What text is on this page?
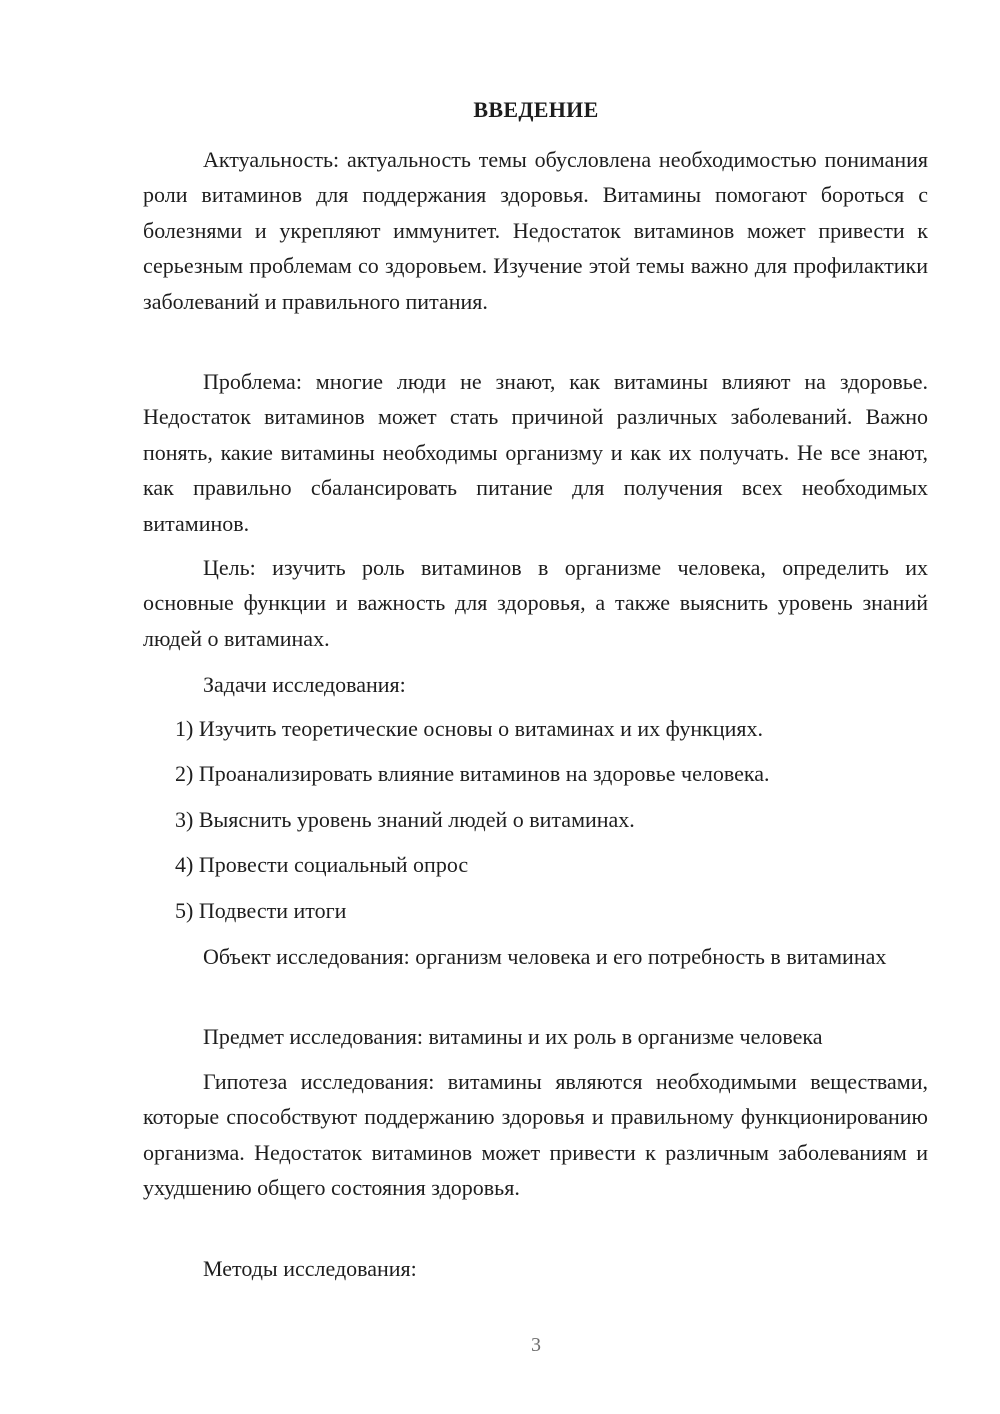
ВВЕДЕНИЕ

Актуальность: актуальность темы обусловлена необходимостью понимания роли витаминов для поддержания здоровья. Витамины помогают бороться с болезнями и укрепляют иммунитет. Недостаток витаминов может привести к серьезным проблемам со здоровьем. Изучение этой темы важно для профилактики заболеваний и правильного питания.

Проблема: многие люди не знают, как витамины влияют на здоровье. Недостаток витаминов может стать причиной различных заболеваний. Важно понять, какие витамины необходимы организму и как их получать. Не все знают, как правильно сбалансировать питание для получения всех необходимых витаминов.

Цель: изучить роль витаминов в организме человека, определить их основные функции и важность для здоровья, а также выяснить уровень знаний людей о витаминах.

Задачи исследования:

1) Изучить теоретические основы о витаминах и их функциях.
2) Проанализировать влияние витаминов на здоровье человека.
3) Выяснить уровень знаний людей о витаминах.
4) Провести социальный опрос
5) Подвести итоги

Объект исследования: организм человека и его потребность в витаминах

Предмет исследования: витамины и их роль в организме человека

Гипотеза исследования: витамины являются необходимыми веществами, которые способствуют поддержанию здоровья и правильному функционированию организма. Недостаток витаминов может привести к различным заболеваниям и ухудшению общего состояния здоровья.

Методы исследования:

3
